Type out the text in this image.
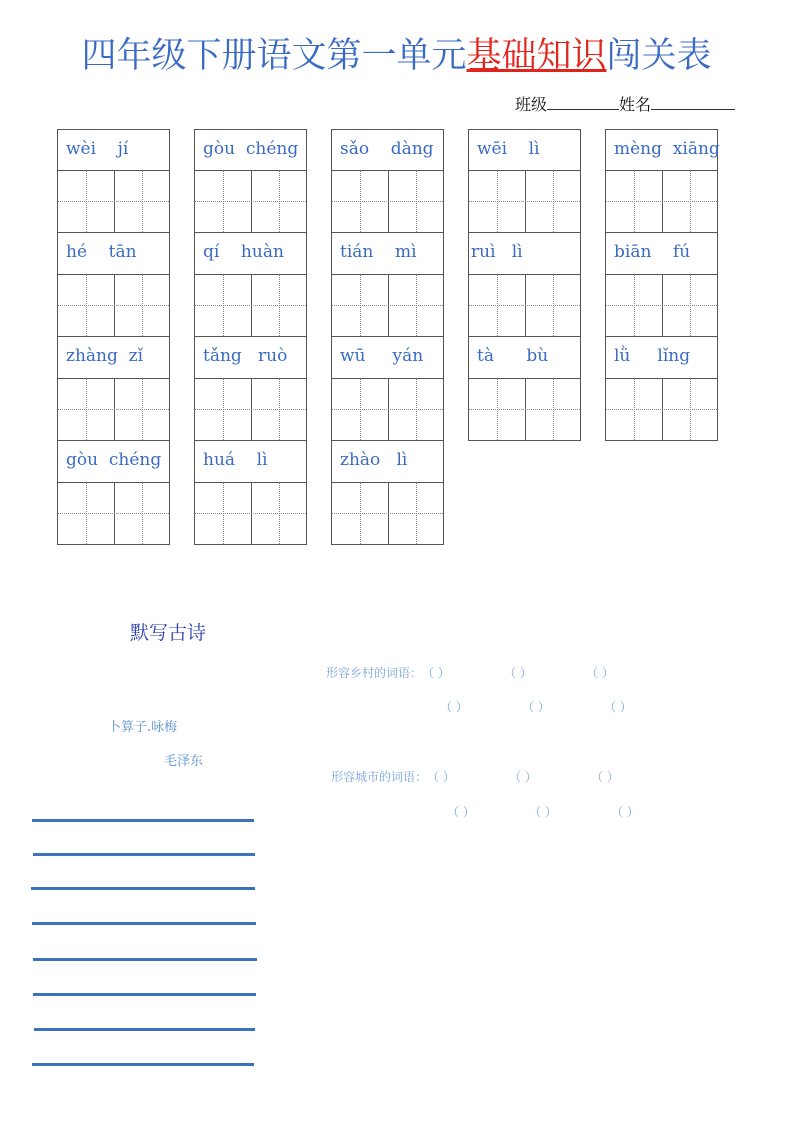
四年级下册语文第一单元基础知识闯关表
班级	姓名
wèi    jí
hé    tān
zhàng  zǐ
gòu  chéng
gòu  chéng
qí    huàn
tǎng   ruò
huá    lì
sǎo    dàng
tián    mì
wū     yán
zhào   lì
wēi    lì
ruì   lì
tà      bù
mèng  xiāng
biān    fú
lǜ     lǐng
默写古诗
卜算子.咏梅
毛泽东
形容乡村的词语：（ ）	（ ）	（ ）
（ ）	（ ）	（ ）
形容城市的词语：（ ）	（ ）	（ ）
（ ）	（ ）	（ ）
